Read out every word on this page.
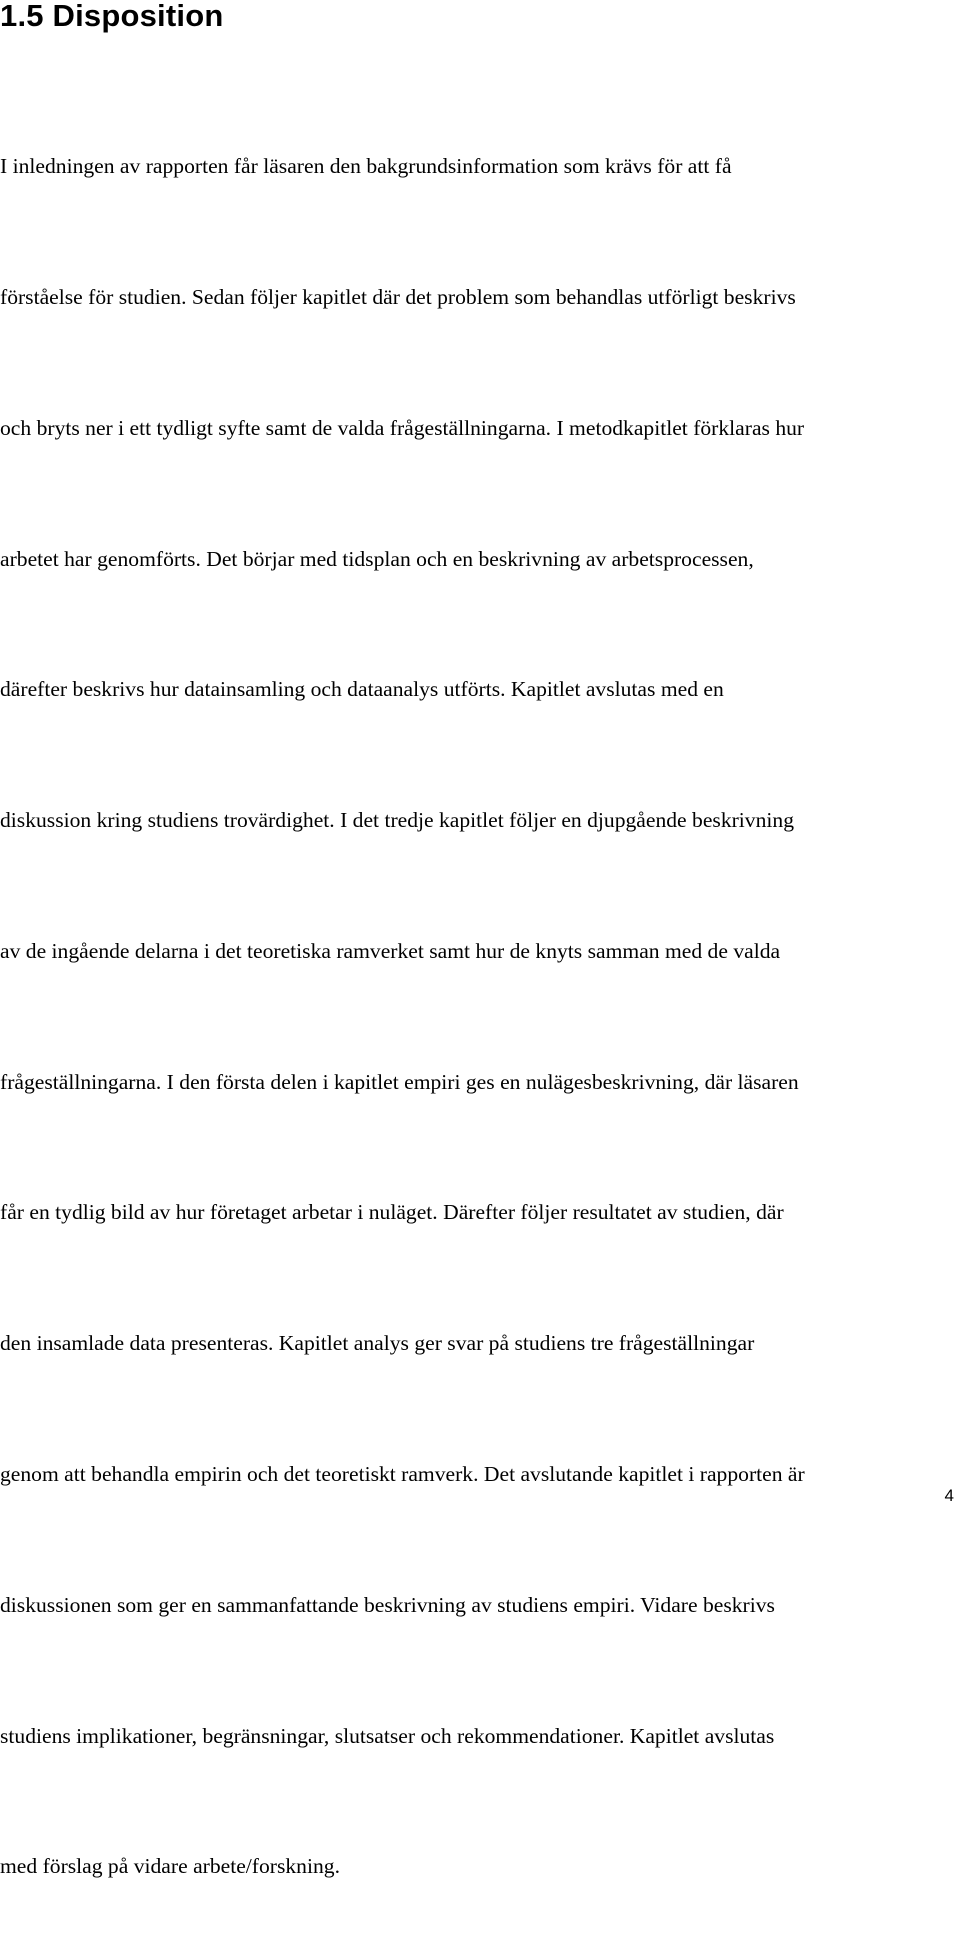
1.5 Disposition

I inledningen av rapporten får läsaren den bakgrundsinformation som krävs för att få

förståelse för studien. Sedan följer kapitlet där det problem som behandlas utförligt beskrivs

och bryts ner i ett tydligt syfte samt de valda frågeställningarna. I metodkapitlet förklaras hur

arbetet har genomförts. Det börjar med tidsplan och en beskrivning av arbetsprocessen,

därefter beskrivs hur datainsamling och dataanalys utförts. Kapitlet avslutas med en

diskussion kring studiens trovärdighet. I det tredje kapitlet följer en djupgående beskrivning

av de ingående delarna i det teoretiska ramverket samt hur de knyts samman med de valda

frågeställningarna. I den första delen i kapitlet empiri ges en nulägesbeskrivning, där läsaren

får en tydlig bild av hur företaget arbetar i nuläget. Därefter följer resultatet av studien, där

den insamlade data presenteras. Kapitlet analys ger svar på studiens tre frågeställningar

genom att behandla empirin och det teoretiskt ramverk. Det avslutande kapitlet i rapporten är

diskussionen som ger en sammanfattande beskrivning av studiens empiri. Vidare beskrivs

studiens implikationer, begränsningar, slutsatser och rekommendationer. Kapitlet avslutas

med förslag på vidare arbete/forskning.

4
